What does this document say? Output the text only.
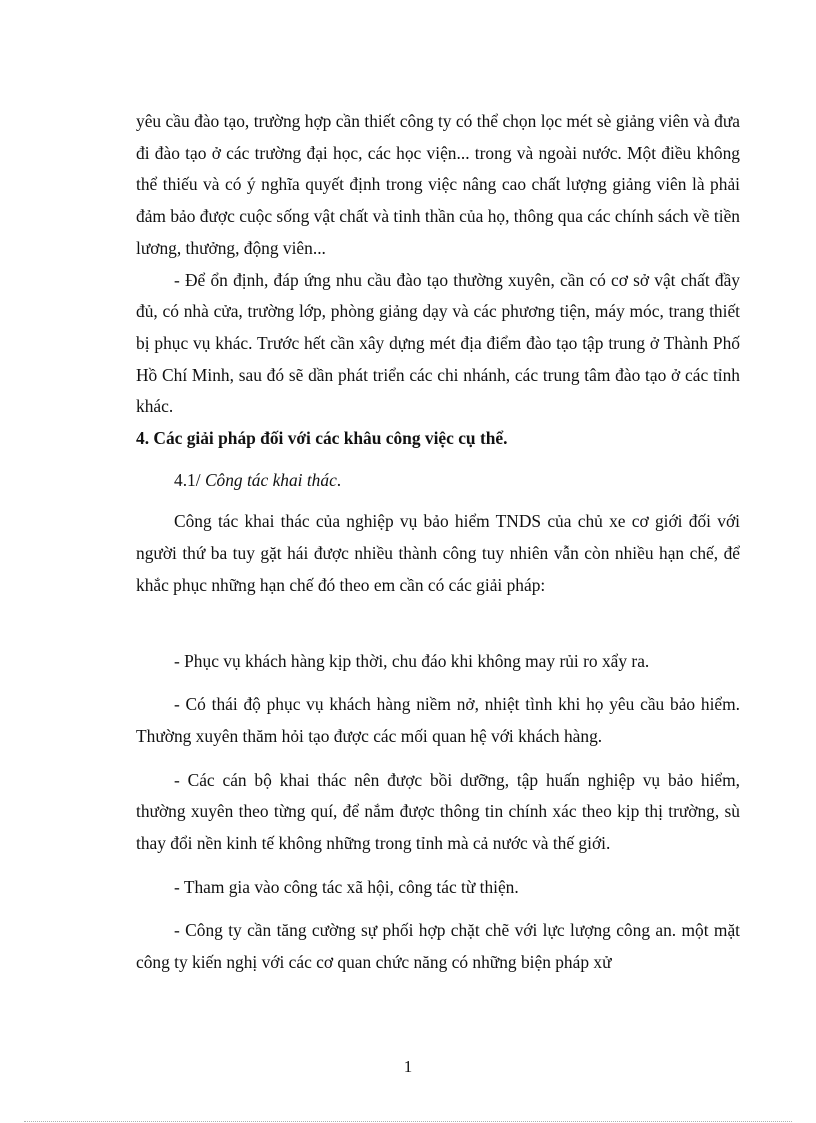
yêu cầu đào tạo, trường hợp cần thiết công ty có thể chọn lọc mét sè giảng viên và đưa đi đào tạo ở các trường đại học, các học viện... trong và ngoài nước. Một điều không thể thiếu và có ý nghĩa quyết định trong việc nâng cao chất lượng giảng viên là phải đảm bảo được cuộc sống vật chất và tinh thần của họ, thông qua các chính sách về tiền lương, thưởng, động viên...

- Để ổn định, đáp ứng nhu cầu đào tạo thường xuyên, cần có cơ sở vật chất đầy đủ, có nhà cửa, trường lớp, phòng giảng dạy và các phương tiện, máy móc, trang thiết bị phục vụ khác. Trước hết cần xây dựng mét địa điểm đào tạo tập trung ở Thành Phố Hồ Chí Minh, sau đó sẽ dần phát triển các chi nhánh, các trung tâm đào tạo ở các tỉnh khác.

4. Các giải pháp đối với các khâu công việc cụ thể.

4.1/ Công tác khai thác.

Công tác khai thác của nghiệp vụ bảo hiểm TNDS của chủ xe cơ giới đối với người thứ ba tuy gặt hái được nhiều thành công tuy nhiên vẫn còn nhiều hạn chế, để khắc phục những hạn chế đó theo em cần có các giải pháp:

- Phục vụ khách hàng kịp thời, chu đáo khi không may rủi ro xẩy ra.

- Có thái độ phục vụ khách hàng niềm nở, nhiệt tình khi họ yêu cầu bảo hiểm. Thường xuyên thăm hỏi tạo được các mối quan hệ với khách hàng.

- Các cán bộ khai thác nên được bồi dưỡng, tập huấn nghiệp vụ bảo hiểm, thường xuyên theo từng quí, để nắm được thông tin chính xác theo kịp thị trường, sù thay đổi nền kinh tế không những trong tỉnh mà cả nước và thế giới.

- Tham gia vào công tác xã hội, công tác từ thiện.

- Công ty cần tăng cường sự phối hợp chặt chẽ với lực lượng công an. một mặt công ty kiến nghị với các cơ quan chức năng có những biện pháp xử

1
